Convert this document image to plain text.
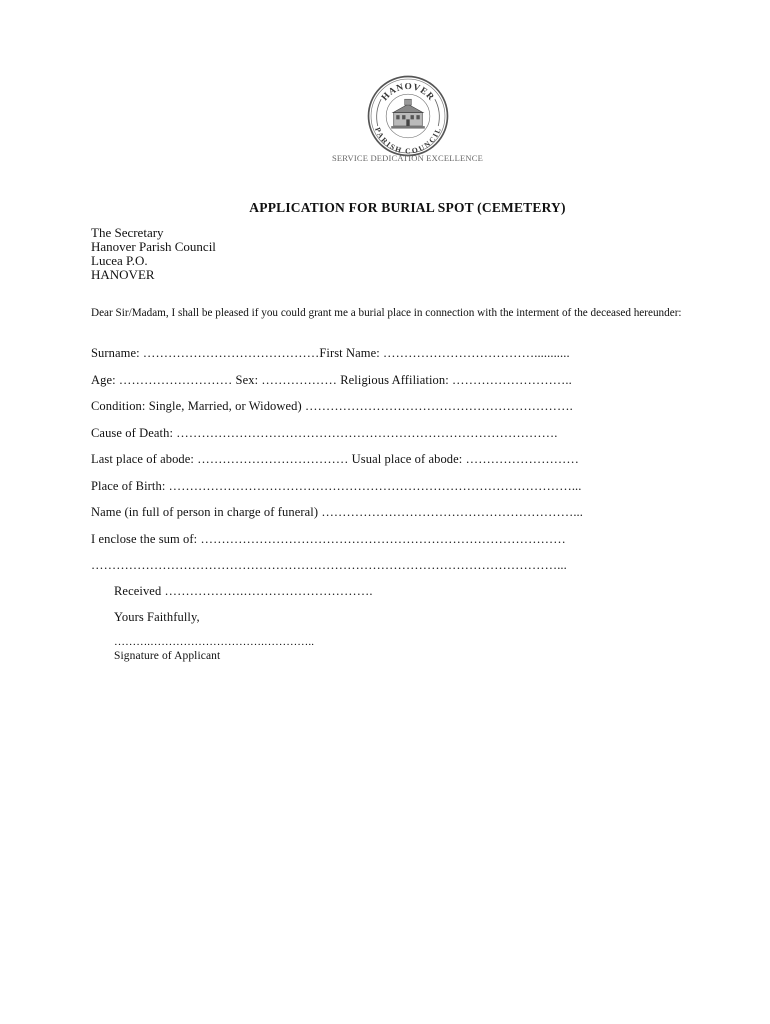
HANOVER
PARISH COUNCIL
SERVICE DEDICATION EXCELLENCE
APPLICATION FOR BURIAL SPOT (CEMETERY)
The Secretary
Hanover Parish Council
Lucea P.O.
HANOVER
Dear Sir/Madam, I shall be pleased if you could grant me a burial place in connection with the interment of the deceased hereunder:
Surname: ……………………………………First Name: ………………………………...........
Age: ……………………… Sex: ……………… Religious Affiliation: ………………………..
Condition: Single, Married, or Widowed) ……………………………………………………….
Cause of Death: ……………………………………………………………………………….
Last place of abode: ……………………………… Usual place of abode: ………………………
Place of Birth: ……………………………………………………………………………………...
Name (in full of person in charge of funeral) ……………………………………………………...
I enclose the sum of: ……………………………………………………………………………
…………………………………………………………………………………………………...
Received ……………….………………………….
Yours Faithfully,
……….………………………….…………..
Signature of Applicant
